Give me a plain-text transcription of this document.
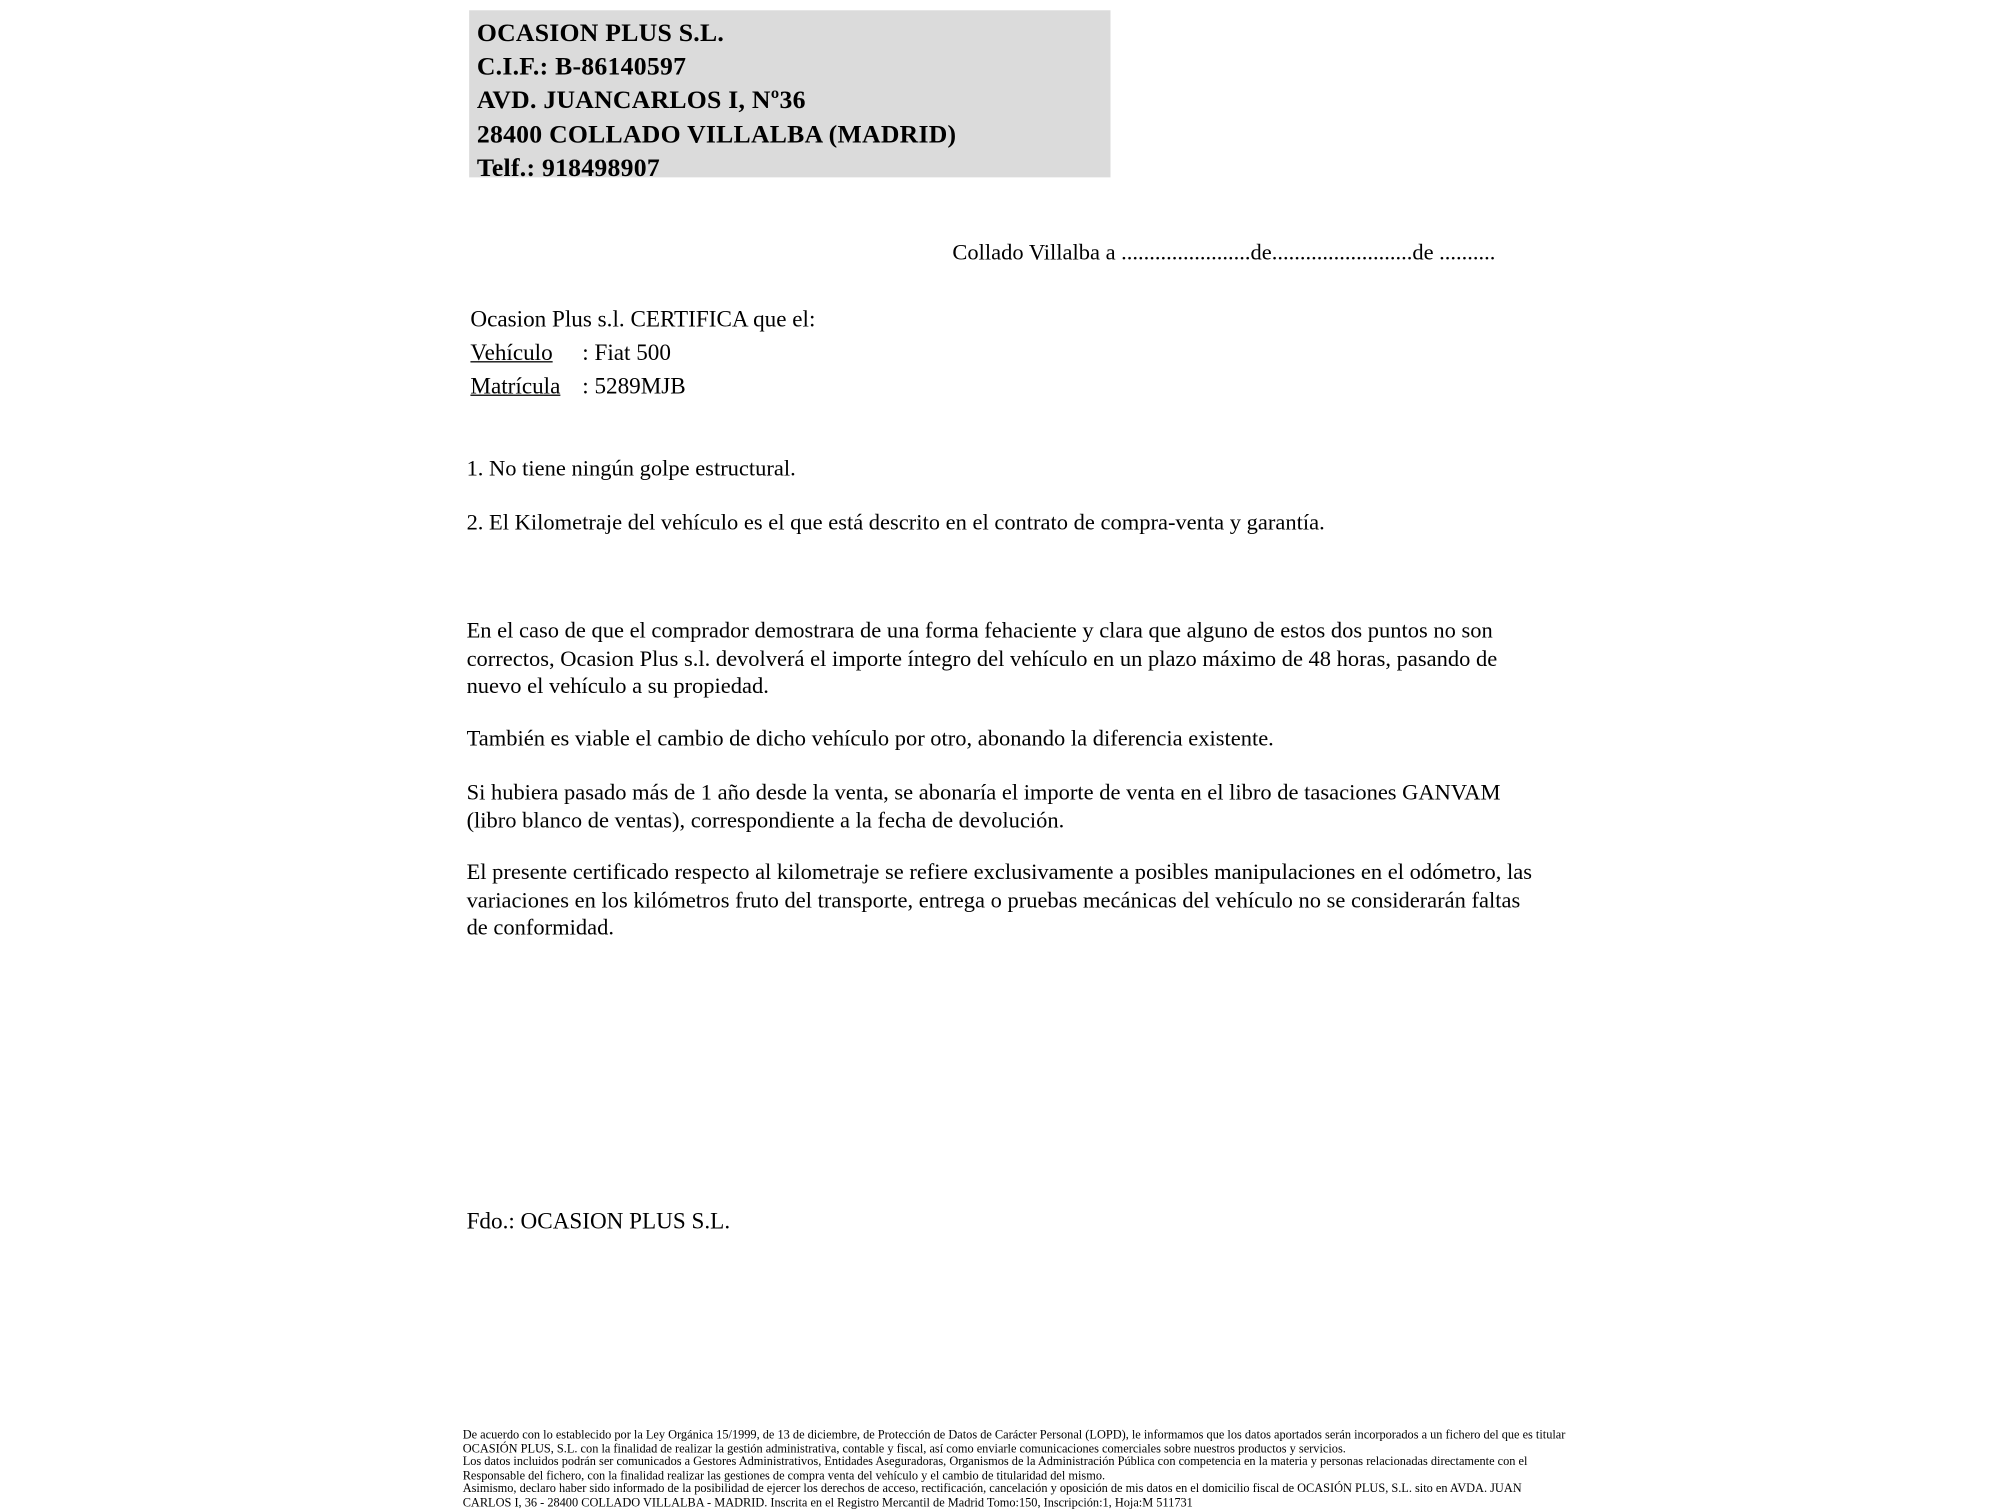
OCASION PLUS S.L.
C.I.F.: B-86140597
AVD. JUANCARLOS I, Nº36
28400 COLLADO VILLALBA (MADRID)
Telf.: 918498907
Collado Villalba a .......................de.........................de ..........
Ocasion Plus s.l. CERTIFICA que el:
Vehículo : Fiat 500
Matrícula : 5289MJB
1. No tiene ningún golpe estructural.
2. El Kilometraje del vehículo es el que está descrito en el contrato de compra-venta y garantía.
En el caso de que el comprador demostrara de una forma fehaciente y clara que alguno de estos dos puntos no son correctos, Ocasion Plus s.l. devolverá el importe íntegro del vehículo en un plazo máximo de 48 horas, pasando de nuevo el vehículo a su propiedad.
También es viable el cambio de dicho vehículo por otro, abonando la diferencia existente.
Si hubiera pasado más de 1 año desde la venta, se abonaría el importe de venta en el libro de tasaciones GANVAM (libro blanco de ventas), correspondiente a la fecha de devolución.
El presente certificado respecto al kilometraje se refiere exclusivamente a posibles manipulaciones en el odómetro, las variaciones en los kilómetros fruto del transporte, entrega o pruebas mecánicas del vehículo no se considerarán faltas de conformidad.
Fdo.: OCASION PLUS S.L.
De acuerdo con lo establecido por la Ley Orgánica 15/1999, de 13 de diciembre, de Protección de Datos de Carácter Personal (LOPD), le informamos que los datos aportados serán incorporados a un fichero del que es titular
OCASIÓN PLUS, S.L. con la finalidad de realizar la gestión administrativa, contable y fiscal, así como enviarle comunicaciones comerciales sobre nuestros productos y servicios.
Los datos incluidos podrán ser comunicados a Gestores Administrativos, Entidades Aseguradoras, Organismos de la Administración Pública con competencia en la materia y personas relacionadas directamente con el
Responsable del fichero, con la finalidad realizar las gestiones de compra venta del vehículo y el cambio de titularidad del mismo.
Asimismo, declaro haber sido informado de la posibilidad de ejercer los derechos de acceso, rectificación, cancelación y oposición de mis datos en el domicilio fiscal de OCASIÓN PLUS, S.L. sito en AVDA. JUAN
CARLOS I, 36 - 28400 COLLADO VILLALBA - MADRID. Inscrita en el Registro Mercantil de Madrid Tomo:150, Inscripción:1, Hoja:M 511731
